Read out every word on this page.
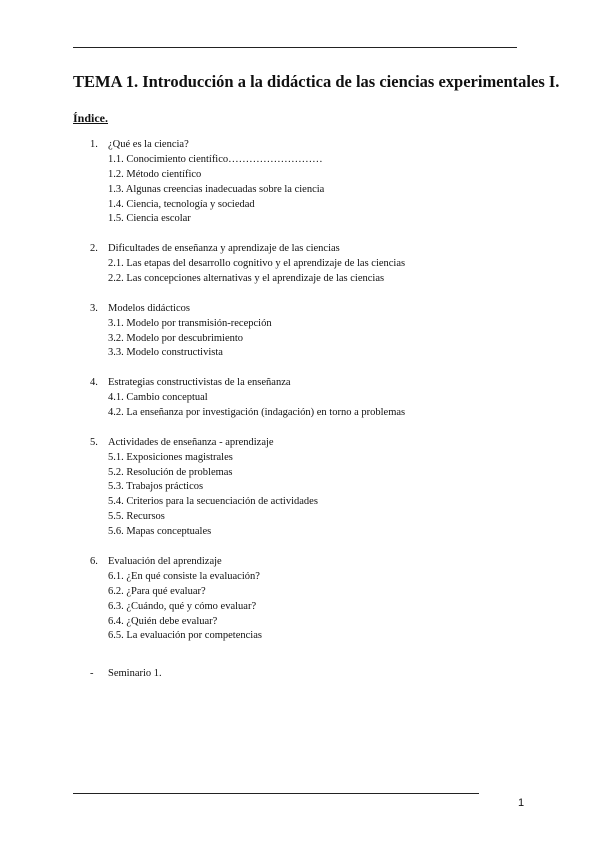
TEMA 1. Introducción a la didáctica de las ciencias experimentales I.
Índice.
1. ¿Qué es la ciencia?
1.1. Conocimiento científico………………………
1.2. Método científico
1.3. Algunas creencias inadecuadas sobre la ciencia
1.4. Ciencia, tecnología y sociedad
1.5. Ciencia escolar
2. Dificultades de enseñanza y aprendizaje de las ciencias
2.1. Las etapas del desarrollo cognitivo y el aprendizaje de las ciencias
2.2. Las concepciones alternativas y el aprendizaje de las ciencias
3. Modelos didácticos
3.1. Modelo por transmisión-recepción
3.2. Modelo por descubrimiento
3.3. Modelo constructivista
4. Estrategias constructivistas de la enseñanza
4.1. Cambio conceptual
4.2. La enseñanza por investigación (indagación) en torno a problemas
5. Actividades de enseñanza - aprendizaje
5.1. Exposiciones magistrales
5.2. Resolución de problemas
5.3. Trabajos prácticos
5.4. Criterios para la secuenciación de actividades
5.5. Recursos
5.6. Mapas conceptuales
6. Evaluación del aprendizaje
6.1. ¿En qué consiste la evaluación?
6.2. ¿Para qué evaluar?
6.3. ¿Cuándo, qué y cómo evaluar?
6.4. ¿Quién debe evaluar?
6.5. La evaluación por competencias
- Seminario 1.
1
